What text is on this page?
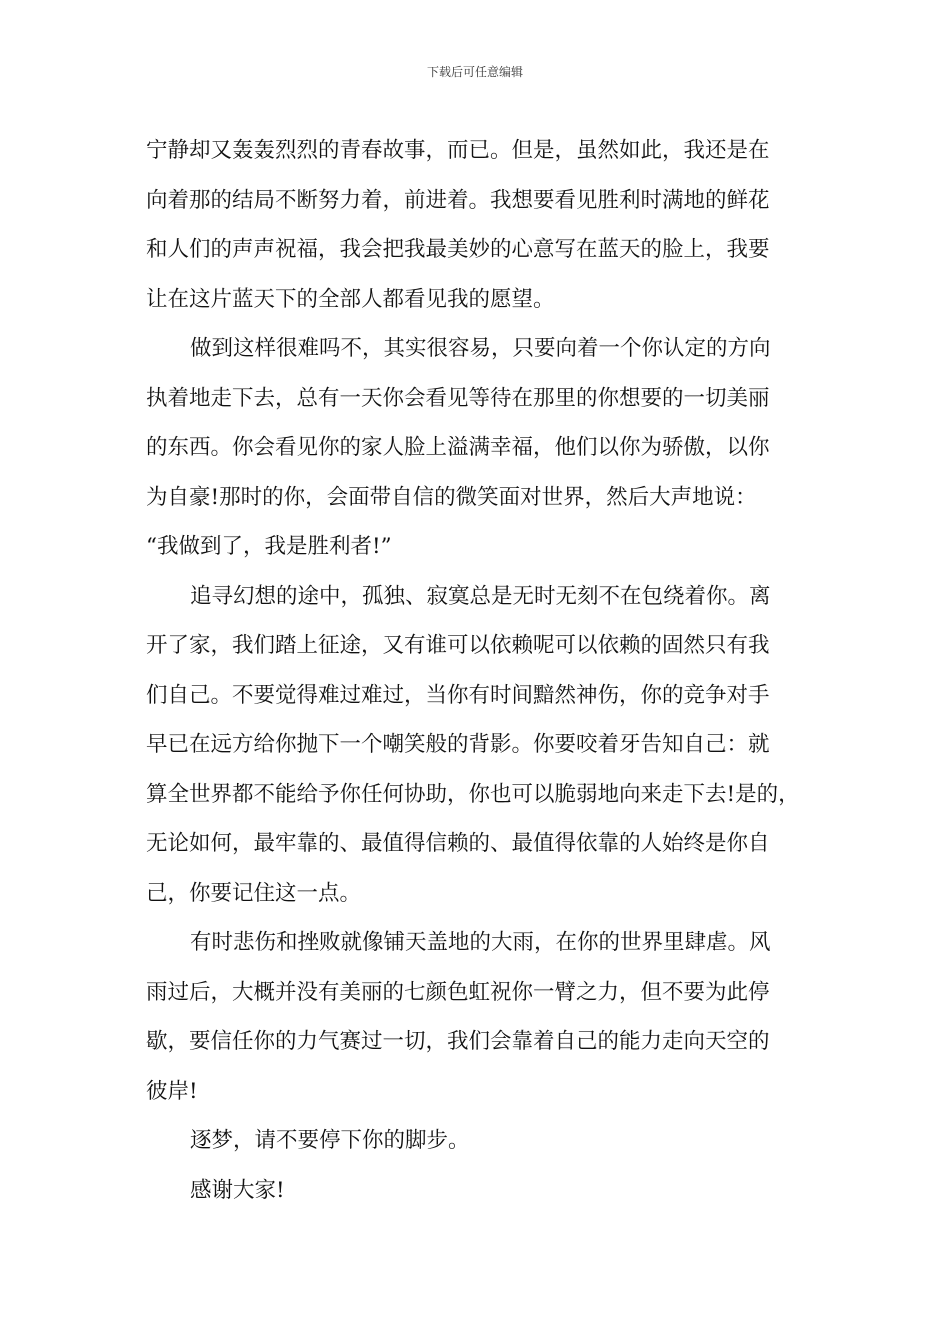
下载后可任意编辑
宁静却又轰轰烈烈的青春故事，而已。但是，虽然如此，我还是在
向着那的结局不断努力着，前进着。我想要看见胜利时满地的鲜花
和人们的声声祝福，我会把我最美妙的心意写在蓝天的脸上，我要
让在这片蓝天下的全部人都看见我的愿望。
做到这样很难吗不，其实很容易，只要向着一个你认定的方向
执着地走下去，总有一天你会看见等待在那里的你想要的一切美丽
的东西。你会看见你的家人脸上溢满幸福，他们以你为骄傲，以你
为自豪!那时的你，会面带自信的微笑面对世界，然后大声地说：
“我做到了，我是胜利者!”
追寻幻想的途中，孤独、寂寞总是无时无刻不在包绕着你。离
开了家，我们踏上征途，又有谁可以依赖呢可以依赖的固然只有我
们自己。不要觉得难过难过，当你有时间黯然神伤，你的竞争对手
早已在远方给你抛下一个嘲笑般的背影。你要咬着牙告知自己：就
算全世界都不能给予你任何协助，你也可以脆弱地向来走下去!是的，
无论如何，最牢靠的、最值得信赖的、最值得依靠的人始终是你自
己，你要记住这一点。
有时悲伤和挫败就像铺天盖地的大雨，在你的世界里肆虐。风
雨过后，大概并没有美丽的七颜色虹祝你一臂之力，但不要为此停
歇，要信任你的力气赛过一切，我们会靠着自己的能力走向天空的
彼岸!
逐梦，请不要停下你的脚步。
感谢大家!
